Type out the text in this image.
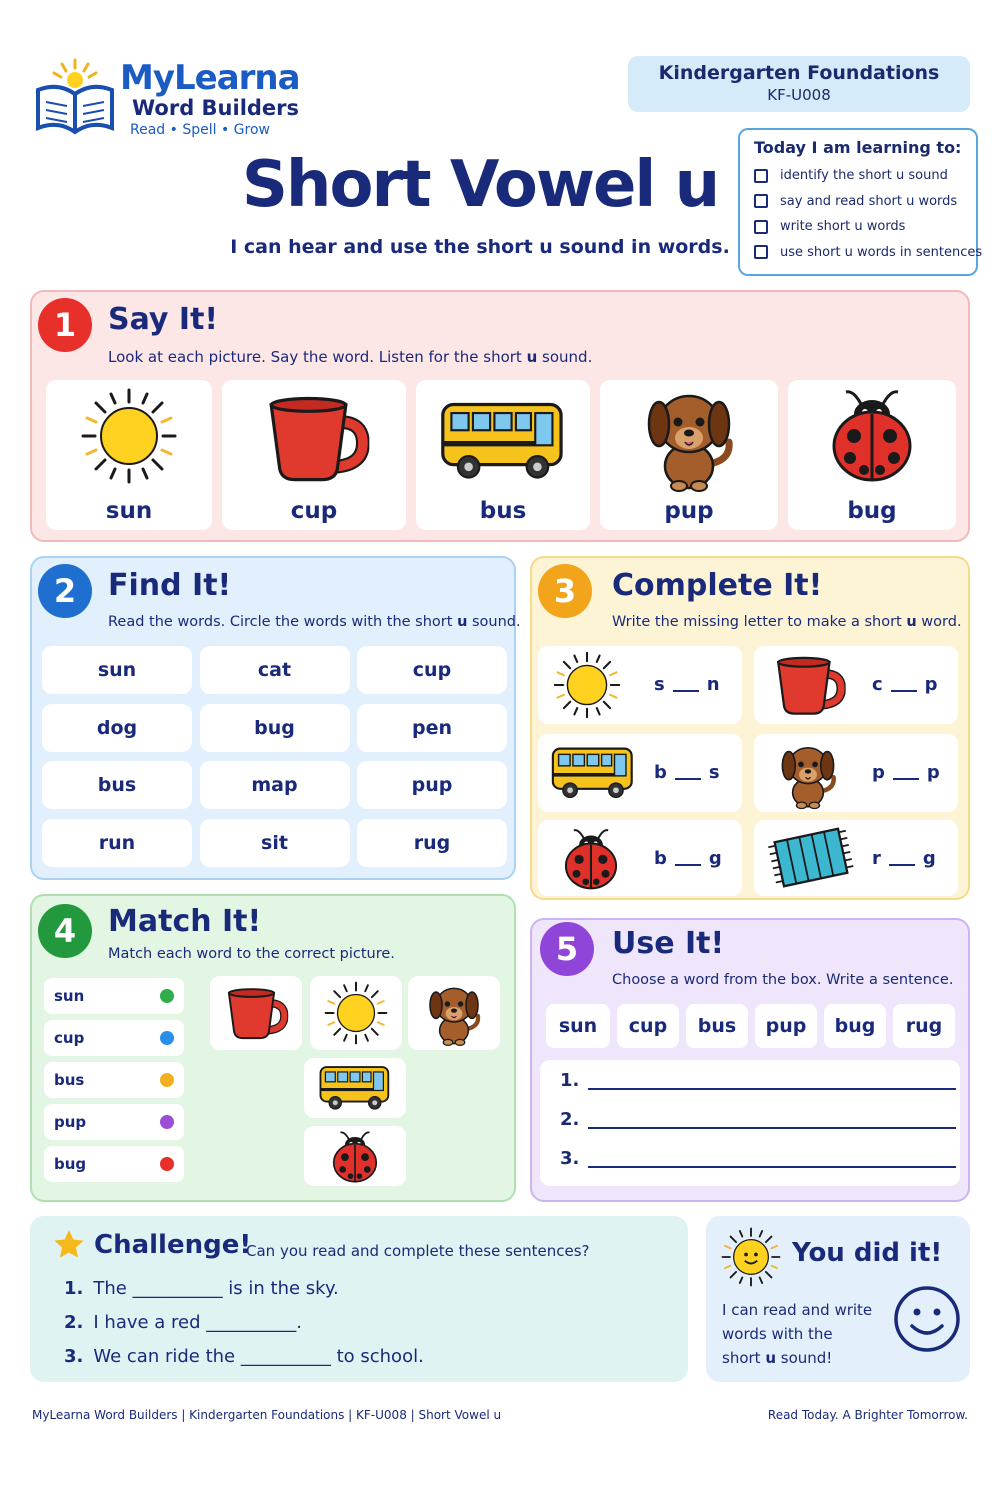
MyLearna
Word Builders
Read • Spell • Grow
Kindergarten Foundations
KF-U008
Short Vowel u
I can hear and use the short u sound in words.
Today I am learning to:
identify the short u sound
say and read short u words
write short u words
use short u words in sentences
1	Say It!
Look at each picture. Say the word. Listen for the short u sound.
sun	cup	bus	pup	bug
2	Find It!
Read the words. Circle the words with the short u sound.
sun	cat	cup
dog	bug	pen
bus	map	pup
run	sit	rug
3	Complete It!
Write the missing letter to make a short u word.
s n	c p
b s	p p
b g	r g
4	Match It!
Match each word to the correct picture.
sun
cup
bus
pup
bug
5	Use It!
Choose a word from the box. Write a sentence.
sun	cup	bus	pup	bug	rug
1.
2.
3.
Challenge!
Can you read and complete these sentences?
1. The __________ is in the sky.
2. I have a red __________.
3. We can ride the __________ to school.
You did it!
I can read and write
words with the
short u sound!
MyLearna Word Builders | Kindergarten Foundations | KF-U008 | Short Vowel u	Read Today. A Brighter Tomorrow.
